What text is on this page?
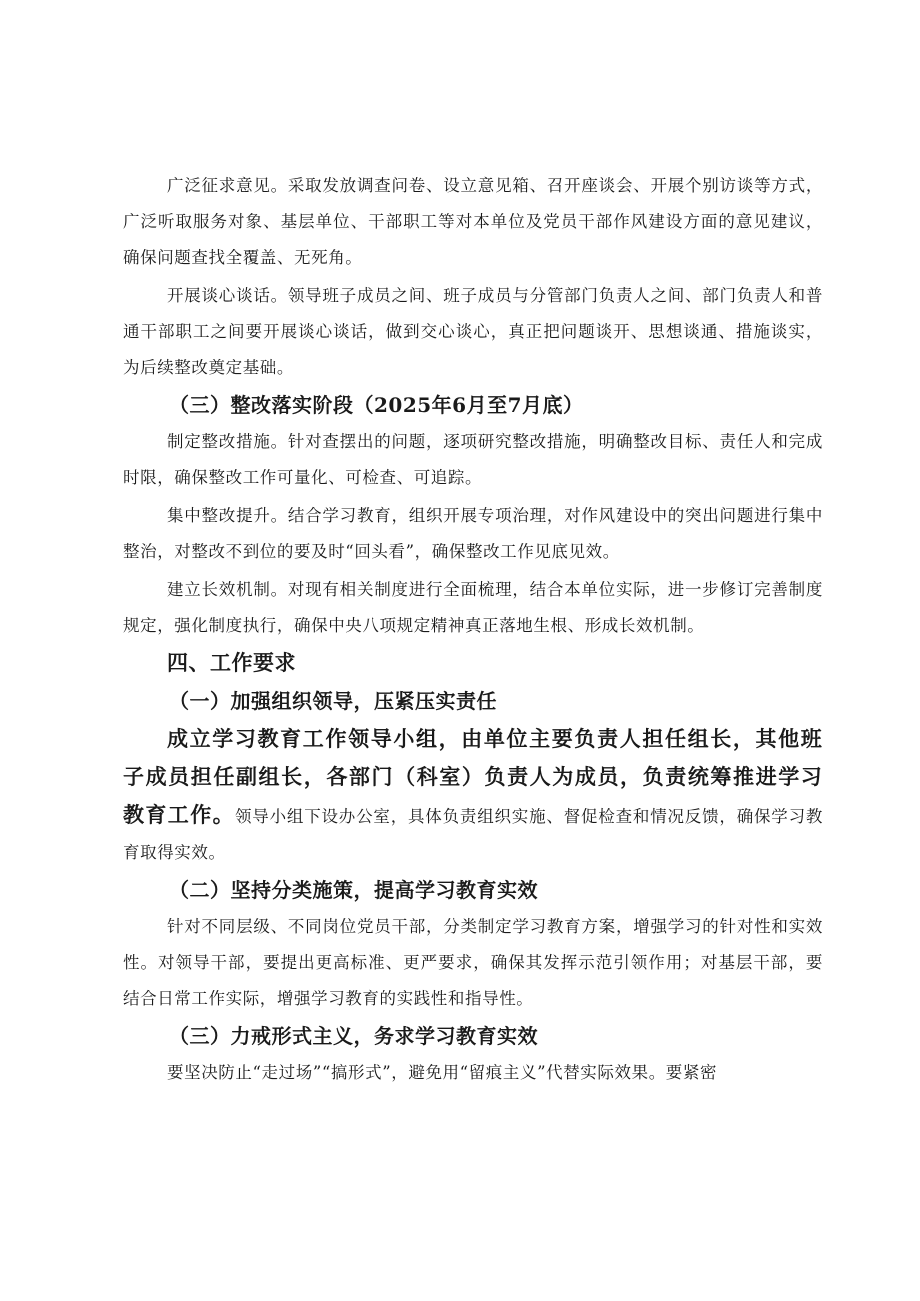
广泛征求意见。采取发放调查问卷、设立意见箱、召开座谈会、开展个别访谈等方式，广泛听取服务对象、基层单位、干部职工等对本单位及党员干部作风建设方面的意见建议，确保问题查找全覆盖、无死角。

开展谈心谈话。领导班子成员之间、班子成员与分管部门负责人之间、部门负责人和普通干部职工之间要开展谈心谈话，做到交心谈心，真正把问题谈开、思想谈通、措施谈实，为后续整改奠定基础。

（三）整改落实阶段（2025年6月至7月底）

制定整改措施。针对查摆出的问题，逐项研究整改措施，明确整改目标、责任人和完成时限，确保整改工作可量化、可检查、可追踪。

集中整改提升。结合学习教育，组织开展专项治理，对作风建设中的突出问题进行集中整治，对整改不到位的要及时“回头看”，确保整改工作见底见效。

建立长效机制。对现有相关制度进行全面梳理，结合本单位实际，进一步修订完善制度规定，强化制度执行，确保中央八项规定精神真正落地生根、形成长效机制。

四、工作要求

（一）加强组织领导，压紧压实责任

成立学习教育工作领导小组，由单位主要负责人担任组长，其他班子成员担任副组长，各部门（科室）负责人为成员，负责统筹推进学习教育工作。领导小组下设办公室，具体负责组织实施、督促检查和情况反馈，确保学习教育取得实效。

（二）坚持分类施策，提高学习教育实效

针对不同层级、不同岗位党员干部，分类制定学习教育方案，增强学习的针对性和实效性。对领导干部，要提出更高标准、更严要求，确保其发挥示范引领作用；对基层干部，要结合日常工作实际，增强学习教育的实践性和指导性。

（三）力戒形式主义，务求学习教育实效

要坚决防止“走过场”“搞形式”，避免用“留痕主义”代替实际效果。要紧密
